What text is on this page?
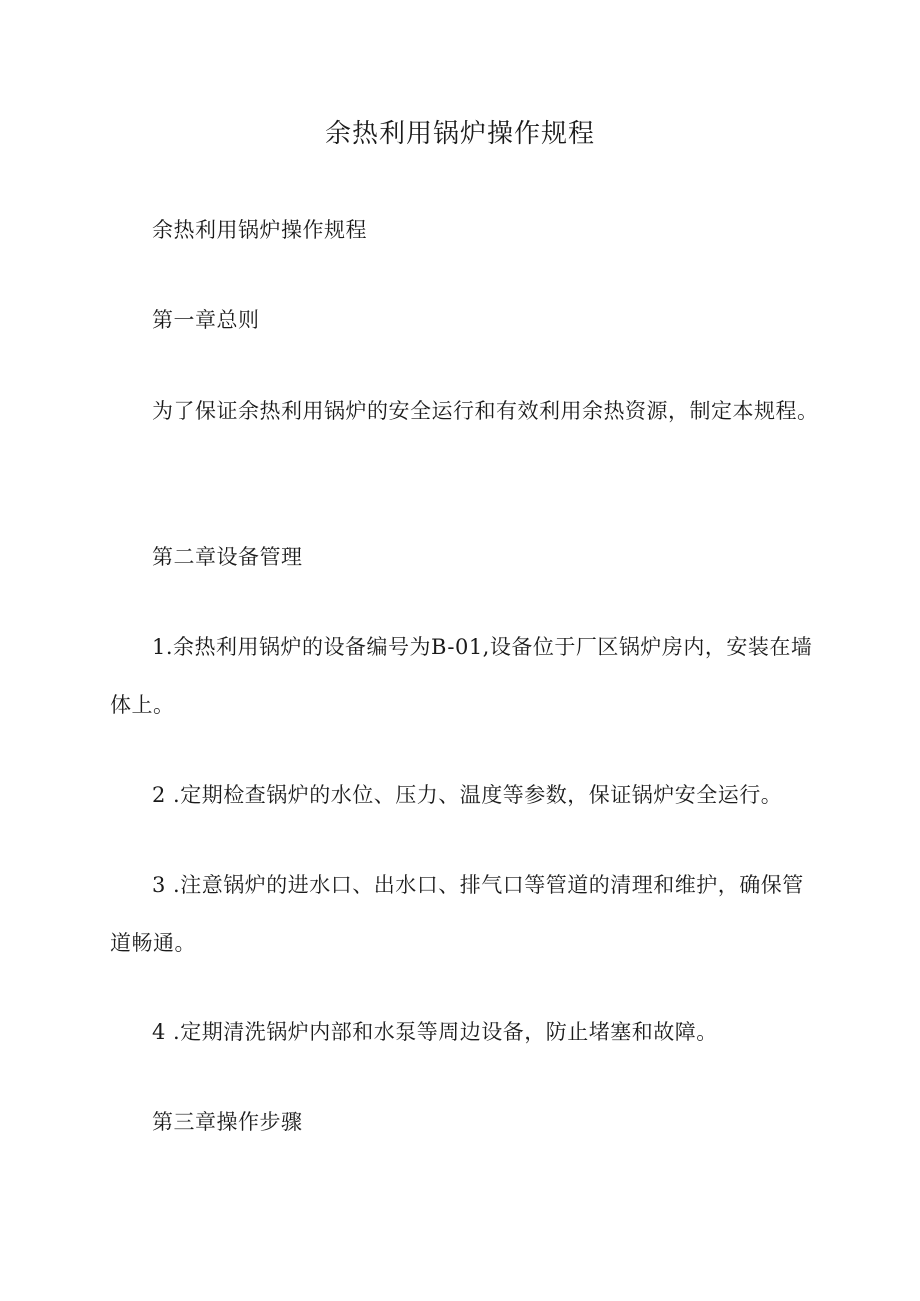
余热利用锅炉操作规程

余热利用锅炉操作规程

第一章总则

为了保证余热利用锅炉的安全运行和有效利用余热资源，制定本规程。

第二章设备管理

1.余热利用锅炉的设备编号为B-01,设备位于厂区锅炉房内，安装在墙体上。

2 .定期检查锅炉的水位、压力、温度等参数，保证锅炉安全运行。

3 .注意锅炉的进水口、出水口、排气口等管道的清理和维护，确保管道畅通。

4 .定期清洗锅炉内部和水泵等周边设备，防止堵塞和故障。

第三章操作步骤
